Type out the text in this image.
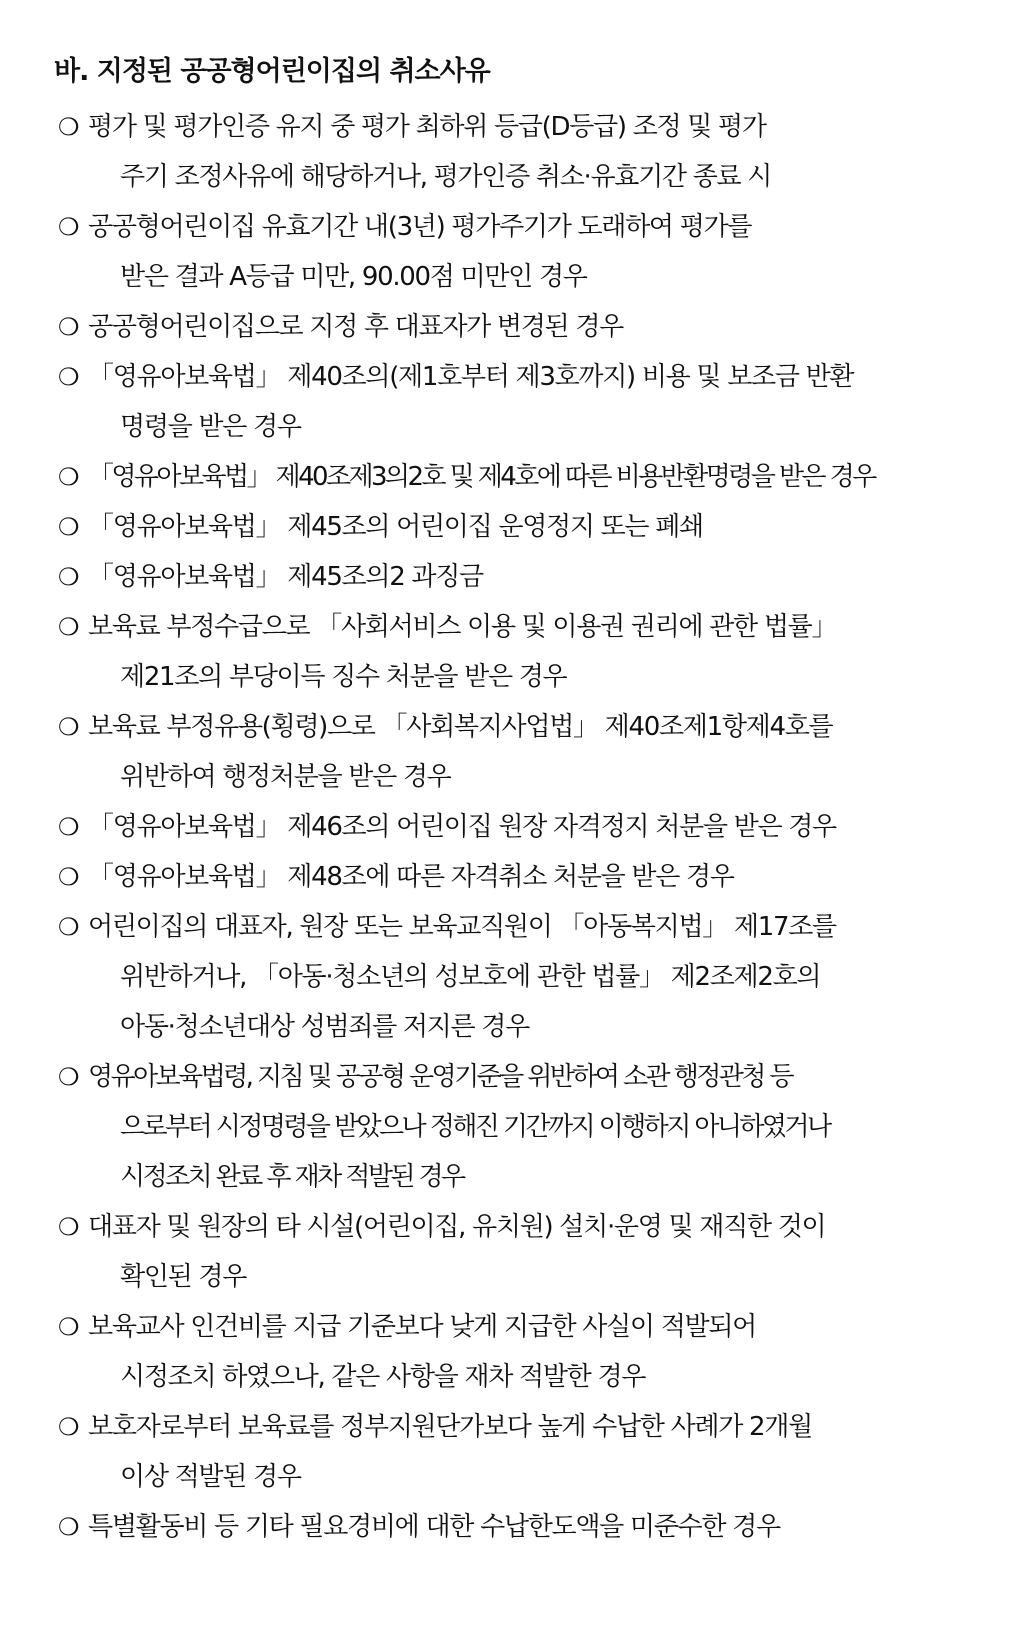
바. 지정된 공공형어린이집의 취소사유
❍ 평가 및 평가인증 유지 중 평가 최하위 등급(D등급) 조정 및 평가
주기 조정사유에 해당하거나, 평가인증 취소·유효기간 종료 시
❍ 공공형어린이집 유효기간 내(3년) 평가주기가 도래하여 평가를
받은 결과 A등급 미만, 90.00점 미만인 경우
❍ 공공형어린이집으로 지정 후 대표자가 변경된 경우
❍ 「영유아보육법」 제40조의(제1호부터 제3호까지) 비용 및 보조금 반환
명령을 받은 경우
❍ 「영유아보육법」 제40조제3의2호 및 제4호에 따른 비용반환명령을 받은 경우
❍ 「영유아보육법」 제45조의 어린이집 운영정지 또는 폐쇄
❍ 「영유아보육법」 제45조의2 과징금
❍ 보육료 부정수급으로 「사회서비스 이용 및 이용권 권리에 관한 법률」
제21조의 부당이득 징수 처분을 받은 경우
❍ 보육료 부정유용(횡령)으로 「사회복지사업법」 제40조제1항제4호를
위반하여 행정처분을 받은 경우
❍ 「영유아보육법」 제46조의 어린이집 원장 자격정지 처분을 받은 경우
❍ 「영유아보육법」 제48조에 따른 자격취소 처분을 받은 경우
❍ 어린이집의 대표자, 원장 또는 보육교직원이 「아동복지법」 제17조를
위반하거나, 「아동·청소년의 성보호에 관한 법률」 제2조제2호의
아동·청소년대상 성범죄를 저지른 경우
❍ 영유아보육법령, 지침 및 공공형 운영기준을 위반하여 소관 행정관청 등
으로부터 시정명령을 받았으나 정해진 기간까지 이행하지 아니하였거나
시정조치 완료 후 재차 적발된 경우
❍ 대표자 및 원장의 타 시설(어린이집, 유치원) 설치·운영 및 재직한 것이
확인된 경우
❍ 보육교사 인건비를 지급 기준보다 낮게 지급한 사실이 적발되어
시정조치 하였으나, 같은 사항을 재차 적발한 경우
❍ 보호자로부터 보육료를 정부지원단가보다 높게 수납한 사례가 2개월
이상 적발된 경우
❍ 특별활동비 등 기타 필요경비에 대한 수납한도액을 미준수한 경우
